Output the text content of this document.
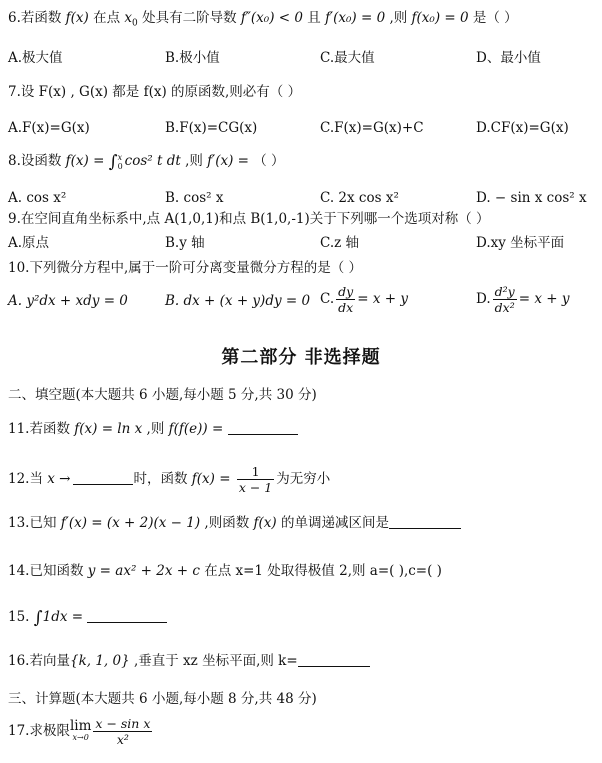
6.若函数 f(x) 在点 $x_0$ 处具有二阶导数 f″(x₀) < 0 且 f′(x₀) = 0 ,则 f(x₀) = 0 是（ ）
A.极大值	B.极小值	C.最大值	D、最小值
7.设 F(x) , G(x) 都是 f(x) 的原函数,则必有（ ）
A.F(x)=G(x)	B.F(x)=CG(x)	C.F(x)=G(x)+C	D.CF(x)=G(x)
8.设函数 f(x) = ∫ x
0 cos² t dt ,则 f′(x) = （ ）
A. cos x²	B. cos² x	C. 2x cos x²	D. − sin x cos² x
9.在空间直角坐标系中,点 A(1,0,1)和点 B(1,0,-1)关于下列哪一个选项对称（ ）
A.原点	B.y 轴	C.z 轴	D.xy 坐标平面
10.下列微分方程中,属于一阶可分离变量微分方程的是（ ）
A. y²dx + xdy = 0	B. dx + (x + y)dy = 0 C. $\frac{dy}{dx} = x + y$	D. $\frac{\text{d²y}}{\text{dx²}} = x + y$
第二部分 非选择题
二、填空题(本大题共 6 小题,每小题 5 分,共 30 分)
11.若函数 f(x) = ln x ,则 f(f(e)) =
12.当 x →	时，函数 $f(x) = \frac{1}{x - 1}$ 为无穷小
13.已知 f′(x) = (x + 2)(x − 1) ,则函数 f(x) 的单调递减区间是
14.已知函数 y = ax² + 2x + c 在点 x=1 处取得极值 2,则 a=( ),c=( )
15. ∫1dx =
16.若向量{k, 1, 0} ,垂直于 xz 坐标平面,则 k=
三、计算题(本大题共 6 小题,每小题 8 分,共 48 分)
17.求极限 lim
$x\to 0 \frac{\text{x − sin x}}{\text{x²}}$
